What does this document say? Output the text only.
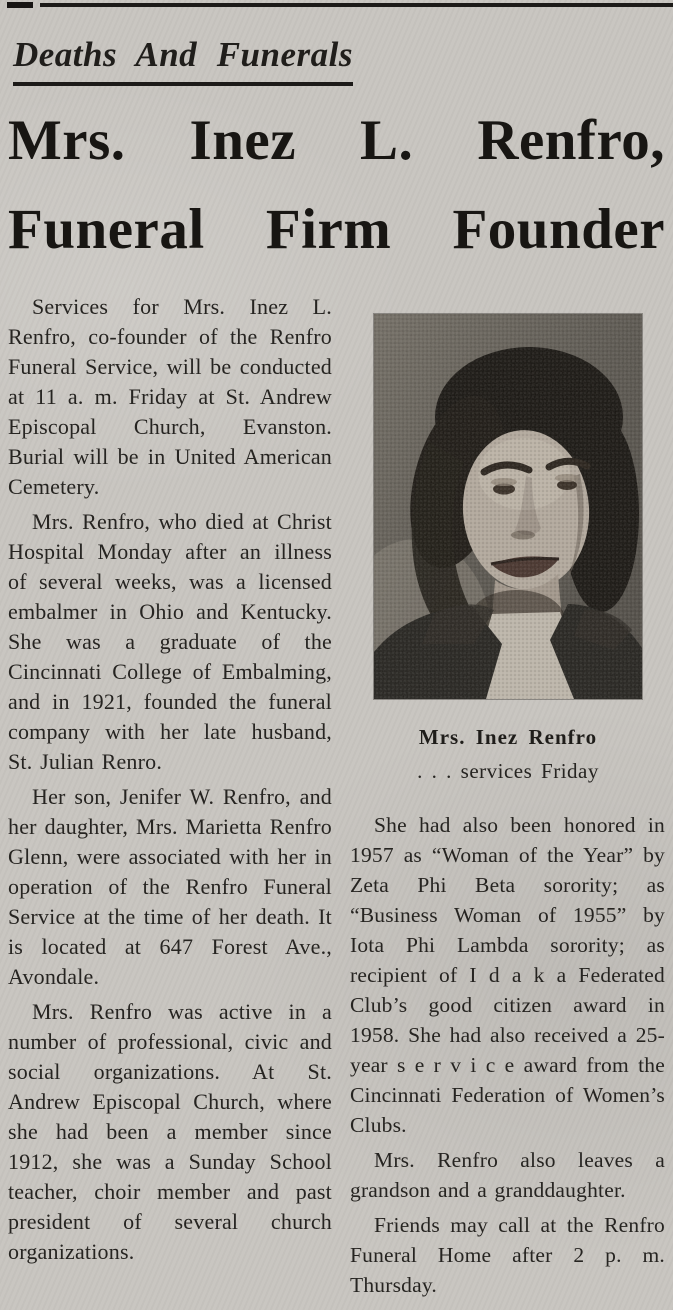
Deaths And Funerals
Mrs. Inez L. Renfro,
Funeral Firm Founder

Services for Mrs. Inez L. Renfro, co-founder of the Renfro Funeral Service, will be conducted at 11 a. m. Friday at St. Andrew Episcopal Church, Evanston. Burial will be in United American Cemetery.

Mrs. Renfro, who died at Christ Hospital Monday after an illness of several weeks, was a licensed embalmer in Ohio and Kentucky. She was a graduate of the Cincinnati College of Embalming, and in 1921, founded the funeral company with her late husband, St. Julian Renro.

Her son, Jenifer W. Renfro, and her daughter, Mrs. Marietta Renfro Glenn, were associated with her in operation of the Renfro Funeral Service at the time of her death. It is located at 647 Forest Ave., Avondale.

Mrs. Renfro was active in a number of professional, civic and social organizations. At St. Andrew Episcopal Church, where she had been a member since 1912, she was a Sunday School teacher, choir member and past president of several church organizations.

Mrs. Inez Renfro
. . . services Friday

She had also been honored in 1957 as “Woman of the Year” by Zeta Phi Beta sorority; as “Business Woman of 1955” by Iota Phi Lambda sorority; as recipient of I d a k a Federated Club’s good citizen award in 1958. She had also received a 25-year s e r v i c e award from the Cincinnati Federation of Women’s Clubs.

Mrs. Renfro also leaves a grandson and a granddaughter.

Friends may call at the Renfro Funeral Home after 2 p. m. Thursday.
